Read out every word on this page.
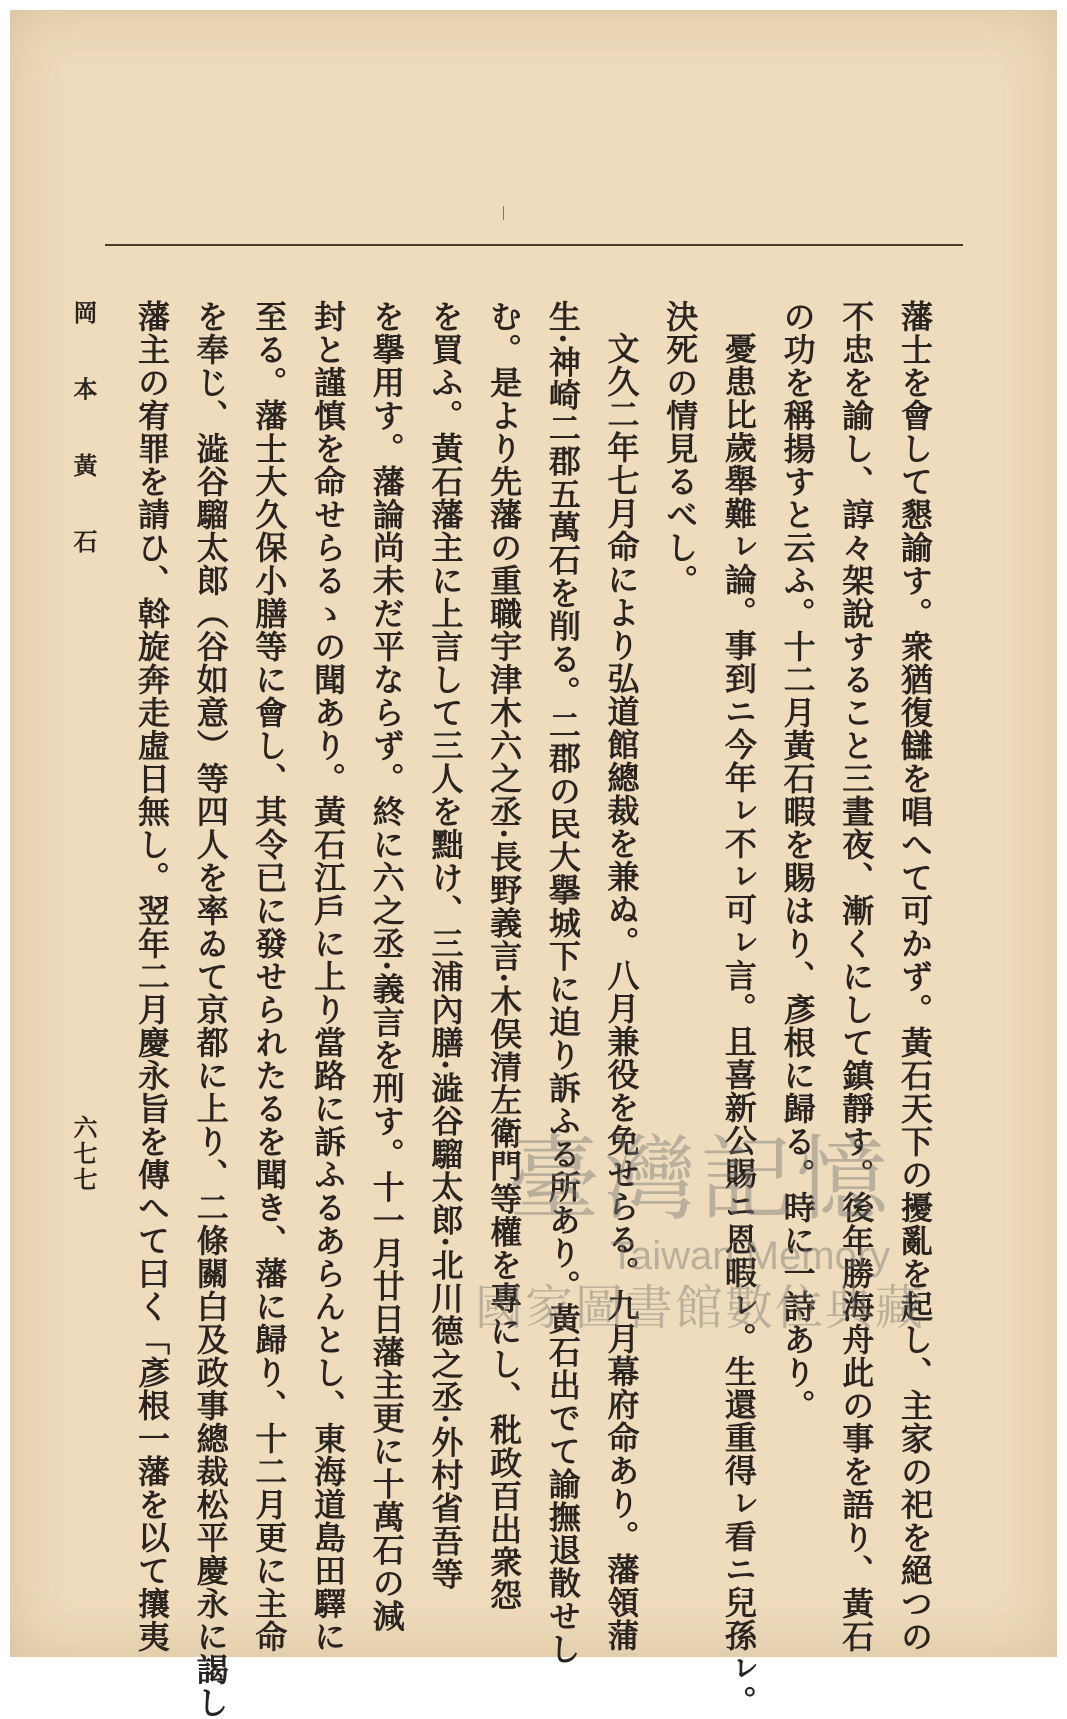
藩士を會して懇諭す。衆猶復讎を唱へて可かず。黃石天下の擾亂を起し、主家の祀を絕つの
不忠を諭し、諄々架說すること三晝夜、漸くにして鎮靜す。後年勝海舟此の事を語り、黃石
の功を稱揚すと云ふ。十二月黃石暇を賜はり、彥根に歸る。時に一詩あり。
憂患比歲舉難ㇾ論。事到ニ今年ㇾ不ㇾ可ㇾ言。且喜新公賜ニ恩暇ㇾ。生還重得ㇾ看ニ兒孫ㇾ。
決死の情見るべし。
文久二年七月命により弘道館總裁を兼ぬ。八月兼役を免せらる。九月幕府命あり。藩領蒲
生·神崎二郡五萬石を削る。二郡の民大擧城下に迫り訴ふる所あり。黃石出でて諭撫退散せし
む。是より先藩の重職宇津木六之丞·長野義言·木俣清左衛門等權を專にし、秕政百出衆怨
を買ふ。黃石藩主に上言して三人を黜け、三浦內膳·澁谷騮太郎·北川德之丞·外村省吾等
を擧用す。藩論尚未だ平ならず。終に六之丞·義言を刑す。十一月廿日藩主更に十萬石の減
封と謹慎を命せらるゝの聞あり。黃石江戶に上り當路に訴ふるあらんとし、東海道島田驛に
至る。藩士大久保小膳等に會し、其令已に發せられたるを聞き、藩に歸り、十二月更に主命
を奉じ、澁谷騮太郎（谷如意）等四人を率ゐて京都に上り、二條關白及政事總裁松平慶永に謁し
藩主の宥罪を請ひ、斡旋奔走虛日無し。翌年二月慶永旨を傳へて曰く「彥根一藩を以て攘夷
岡 本 黃 石
六七七	臺灣記憶
Taiwan Memory
國家圖書館數位典藏
